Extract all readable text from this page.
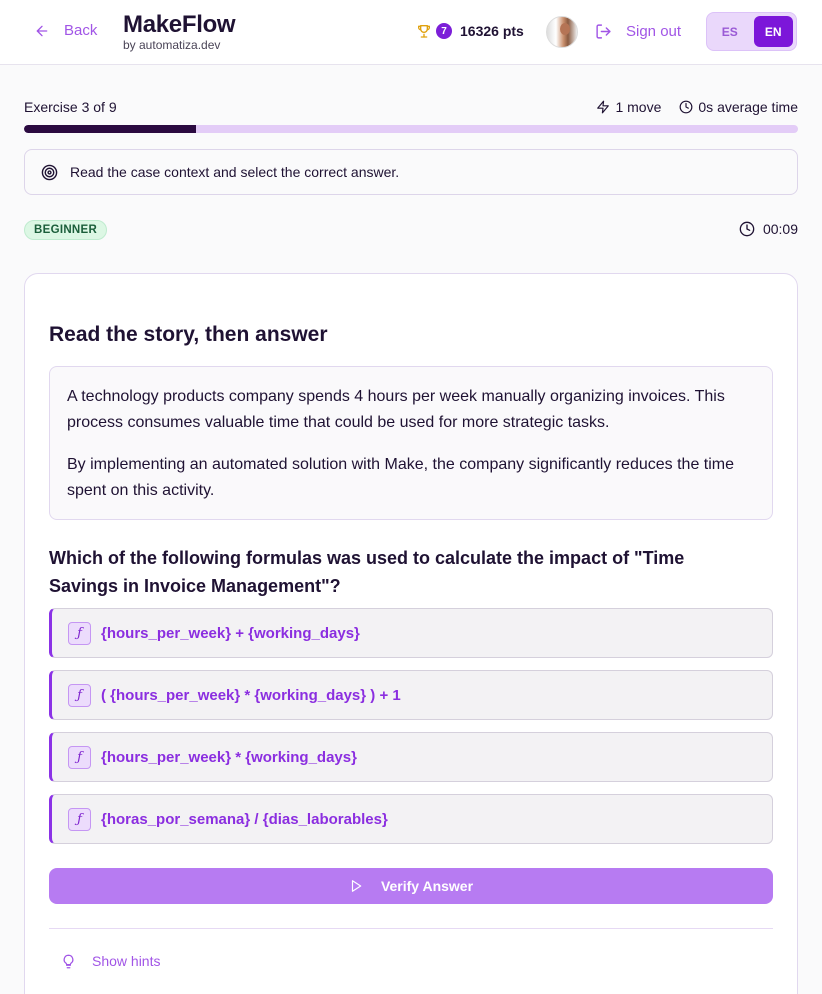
Back MakeFlow
by automatiza.dev
7 16326 pts	Sign out	ES	EN
Exercise 3 of 9	1 move	0s average time
Read the case context and select the correct answer.
BEGINNER	00:09
Read the story, then answer

A technology products company spends 4 hours per week manually organizing invoices. This process consumes valuable time that could be used for more strategic tasks.

By implementing an automated solution with Make, the company significantly reduces the time spent on this activity.

Which of the following formulas was used to calculate the impact of "Time Savings in Invoice Management"?
ƒ	{hours_per_week} + {working_days}
ƒ	( {hours_per_week} * {working_days} ) + 1
ƒ	{hours_per_week} * {working_days}
ƒ	{horas_por_semana} / {dias_laborables}
Verify Answer
Show hints
